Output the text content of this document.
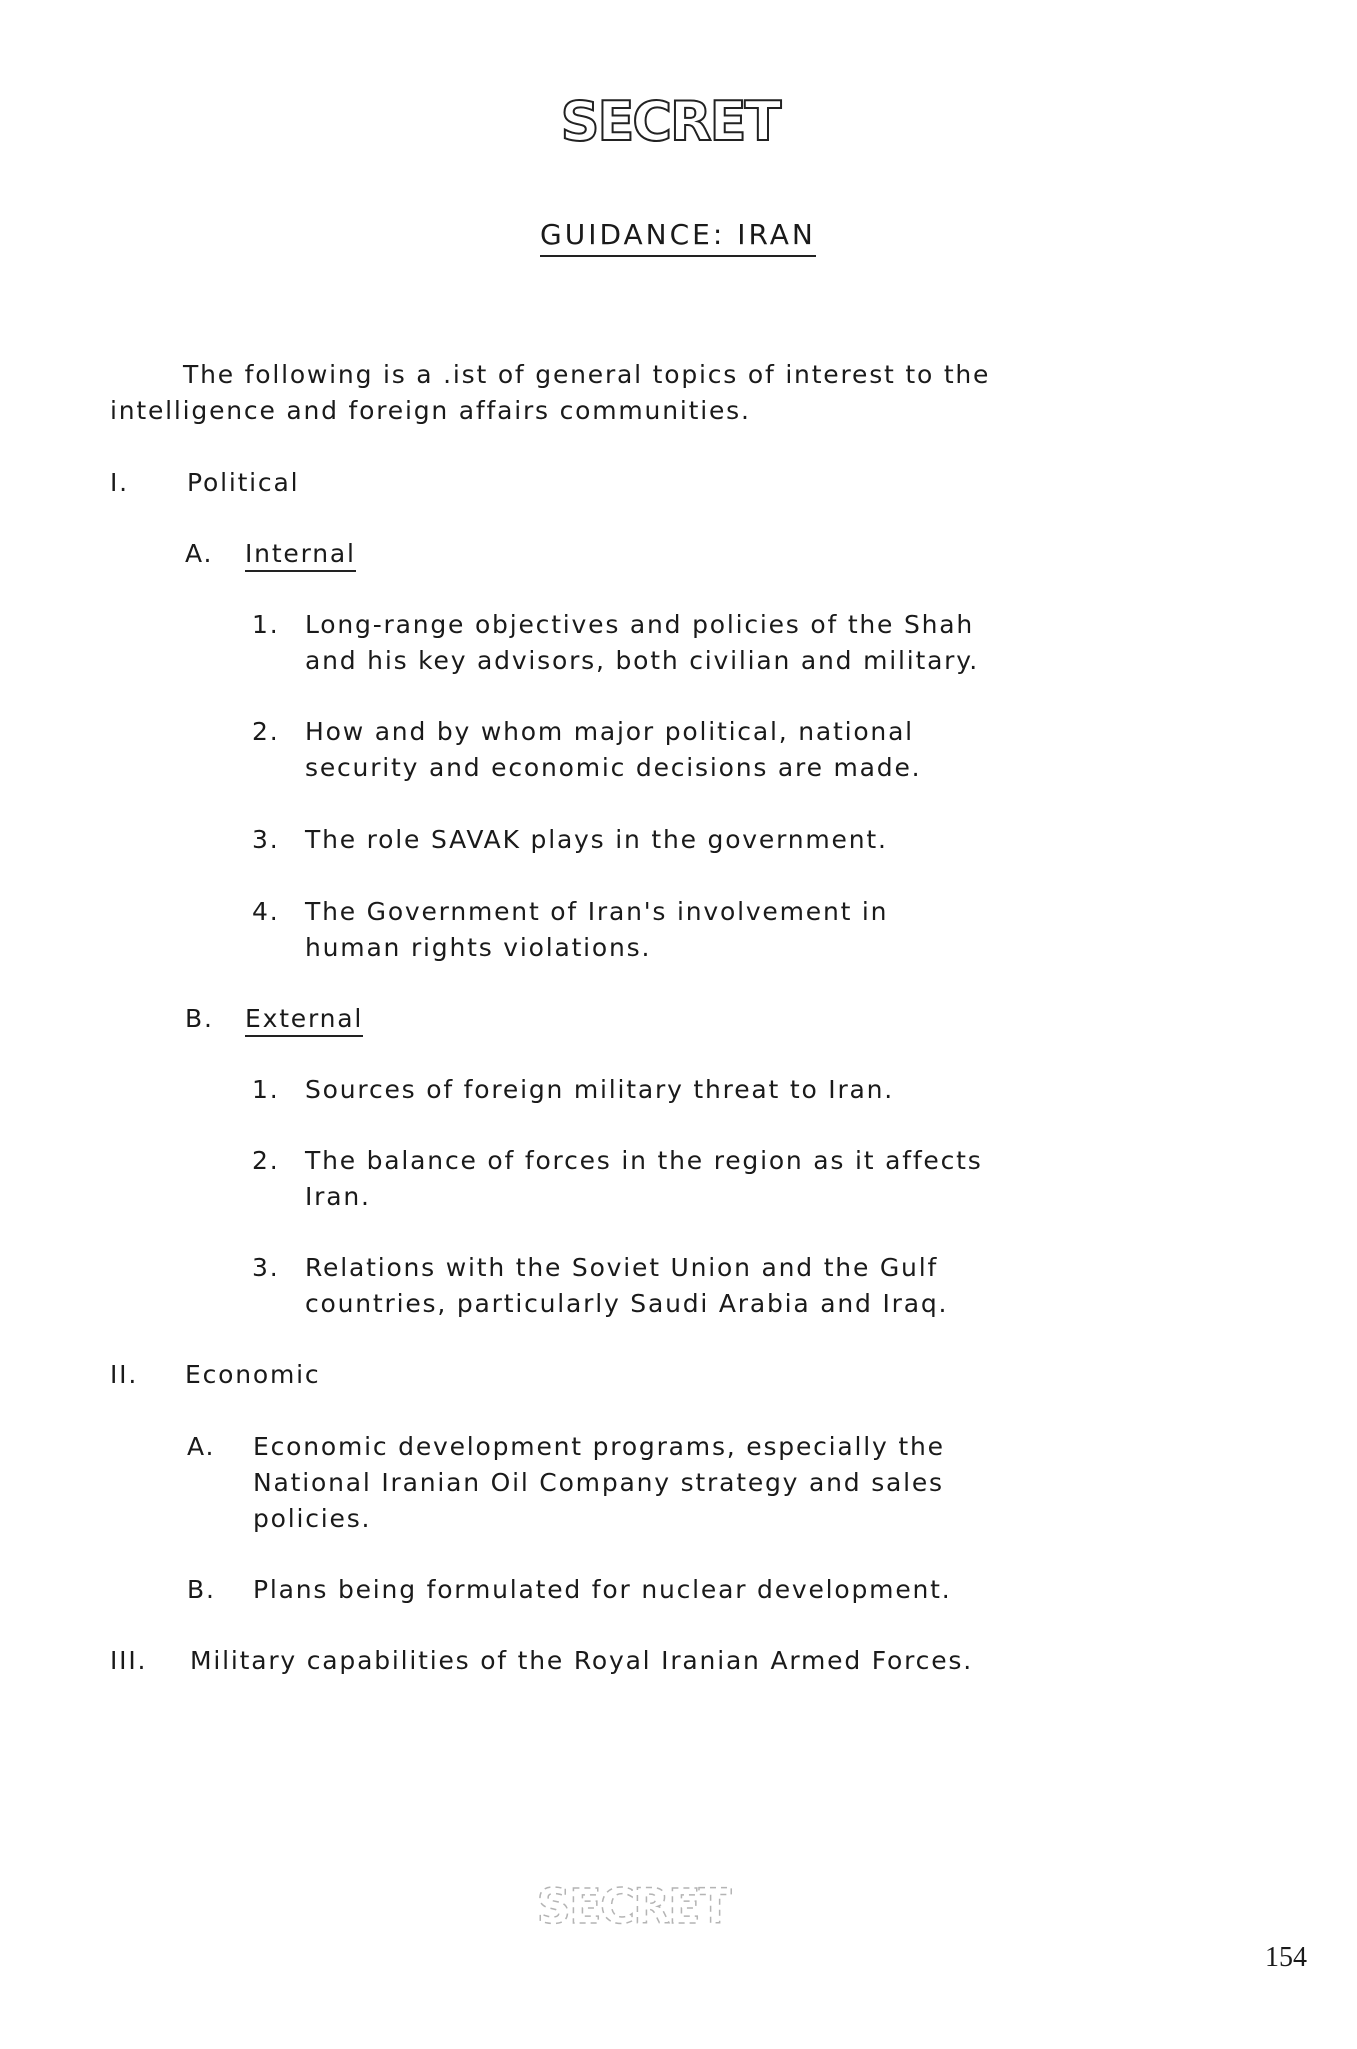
SECRET
GUIDANCE: IRAN
The following is a .ist of general topics of interest to the
intelligence and foreign affairs communities.
I. Political
A. Internal
1. Long-range objectives and policies of the Shah
and his key advisors, both civilian and military.
2. How and by whom major political, national
security and economic decisions are made.
3. The role SAVAK plays in the government.
4. The Government of Iran's involvement in
human rights violations.
B. External
1. Sources of foreign military threat to Iran.
2. The balance of forces in the region as it affects
Iran.
3. Relations with the Soviet Union and the Gulf
countries, particularly Saudi Arabia and Iraq.
II. Economic
A. Economic development programs, especially the
National Iranian Oil Company strategy and sales
policies.
B. Plans being formulated for nuclear development.
III. Military capabilities of the Royal Iranian Armed Forces.
SECRET
154
